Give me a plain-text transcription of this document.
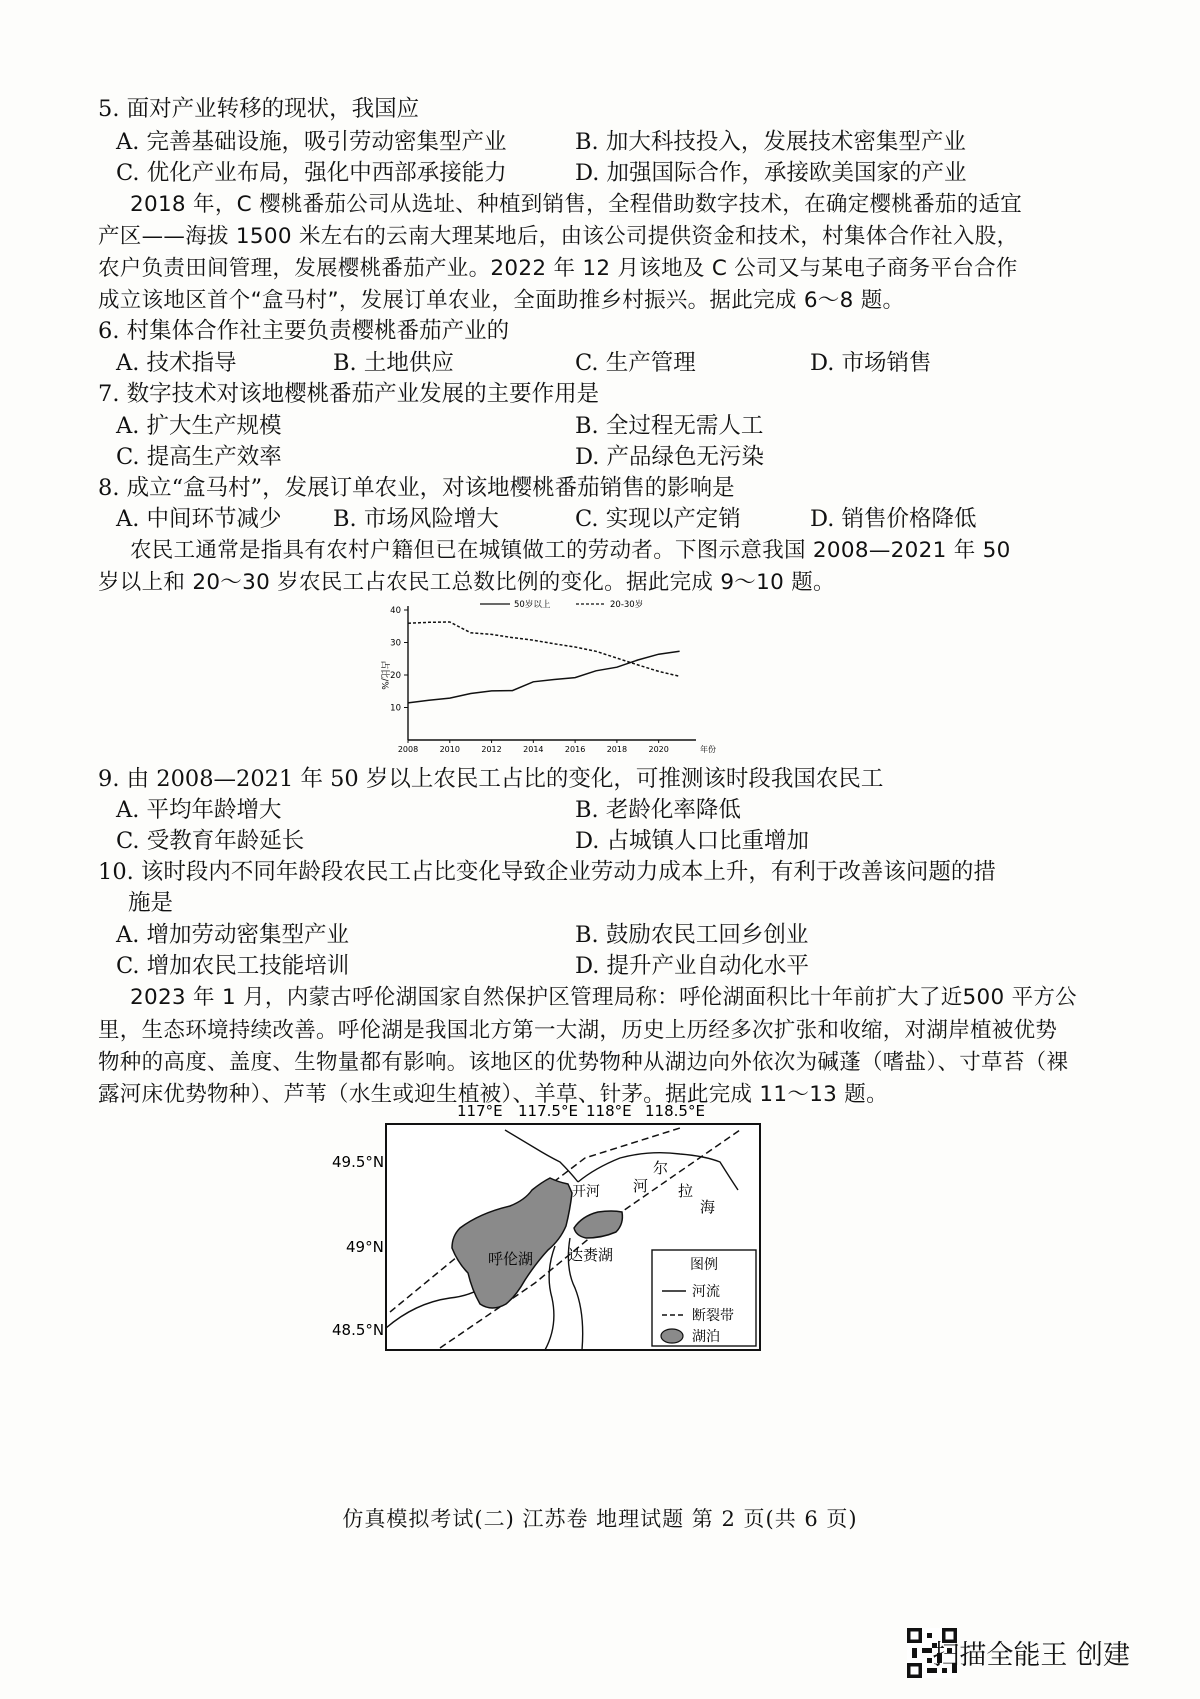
5. 面对产业转移的现状，我国应
A. 完善基础设施，吸引劳动密集型产业	B. 加大科技投入，发展技术密集型产业
C. 优化产业布局，强化中西部承接能力	D. 加强国际合作，承接欧美国家的产业
2018 年，C 樱桃番茄公司从选址、种植到销售，全程借助数字技术，在确定樱桃番茄的适宜
产区——海拔 1500 米左右的云南大理某地后，由该公司提供资金和技术，村集体合作社入股，
农户负责田间管理，发展樱桃番茄产业。2022 年 12 月该地及 C 公司又与某电子商务平台合作
成立该地区首个“盒马村”，发展订单农业，全面助推乡村振兴。据此完成 6～8 题。
6. 村集体合作社主要负责樱桃番茄产业的
A. 技术指导	B. 土地供应	C. 生产管理	D. 市场销售
7. 数字技术对该地樱桃番茄产业发展的主要作用是
A. 扩大生产规模	B. 全过程无需人工
C. 提高生产效率	D. 产品绿色无污染
8. 成立“盒马村”，发展订单农业，对该地樱桃番茄销售的影响是
A. 中间环节减少 B. 市场风险增大	C. 实现以产定销	D. 销售价格降低
农民工通常是指具有农村户籍但已在城镇做工的劳动者。下图示意我国 2008—2021 年 50
岁以上和 20～30 岁农民工占农民工总数比例的变化。据此完成 9～10 题。
10
20
30
40
2008	2010	2012	2014	2016	2018	2020	年份
占比/%
50岁以上	20-30岁
9. 由 2008—2021 年 50 岁以上农民工占比的变化，可推测该时段我国农民工
A. 平均年龄增大	B. 老龄化率降低
C. 受教育年龄延长	D. 占城镇人口比重增加
10. 该时段内不同年龄段农民工占比变化导致企业劳动力成本上升，有利于改善该问题的措
施是
A. 增加劳动密集型产业	B. 鼓励农民工回乡创业
C. 增加农民工技能培训	D. 提升产业自动化水平
2023 年 1 月，内蒙古呼伦湖国家自然保护区管理局称：呼伦湖面积比十年前扩大了近500 平方公
里，生态环境持续改善。呼伦湖是我国北方第一大湖，历史上历经多次扩张和收缩，对湖岸植被优势
物种的高度、盖度、生物量都有影响。该地区的优势物种从湖边向外依次为碱蓬（嗜盐）、寸草苔（裸
露河床优势物种）、芦苇（水生或迎生植被）、羊草、针茅。据此完成 11～13 题。
117°E 117.5°E 118°E 118.5°E
49.5°N
49°N
48.5°N
呼伦湖 达赉湖
开河
尔
河 拉
海
图例
河流
断裂带
湖泊
仿真模拟考试(二) 江苏卷 地理试题 第 2 页(共 6 页)
扫描全能王 创建
